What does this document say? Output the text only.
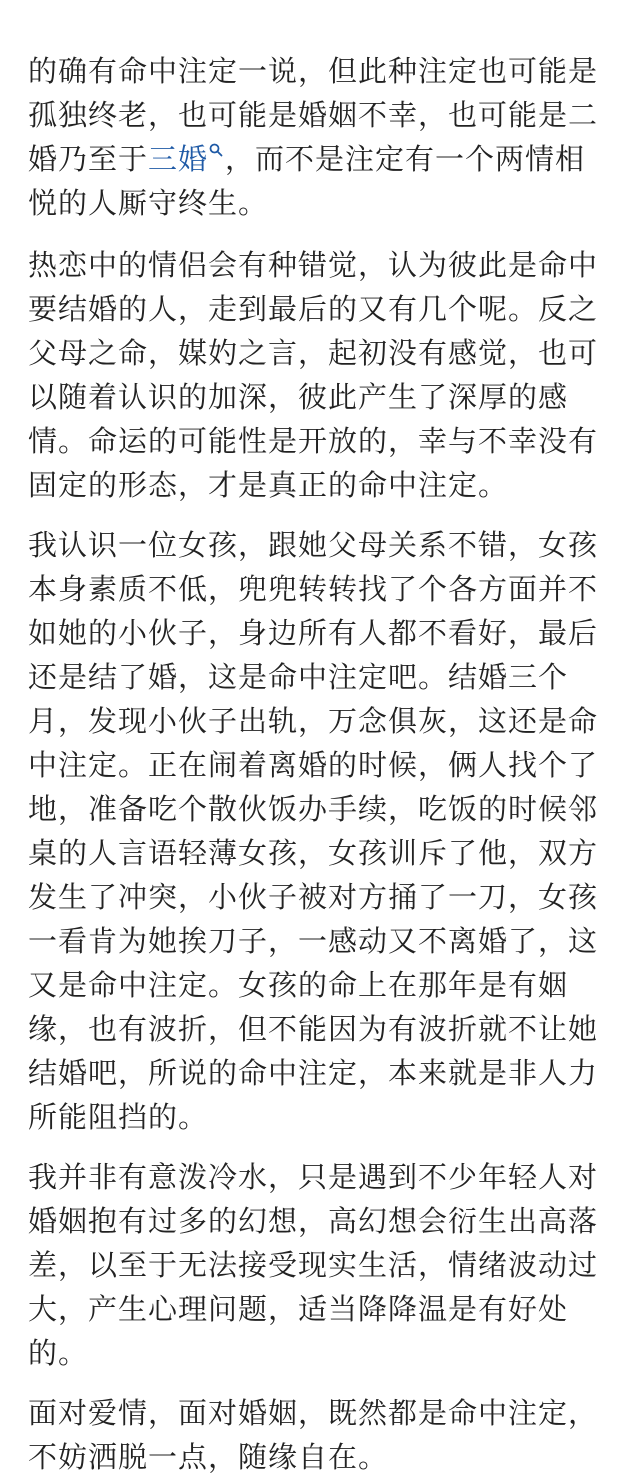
的确有命中注定一说，但此种注定也可能是
孤独终老，也可能是婚姻不幸，也可能是二
婚乃至于三婚 ，而不是注定有一个两情相
悦的人厮守终生。
热恋中的情侣会有种错觉，认为彼此是命中
要结婚的人，走到最后的又有几个呢。反之
父母之命，媒妁之言，起初没有感觉，也可
以随着认识的加深，彼此产生了深厚的感
情。命运的可能性是开放的，幸与不幸没有
固定的形态，才是真正的命中注定。
我认识一位女孩，跟她父母关系不错，女孩
本身素质不低，兜兜转转找了个各方面并不
如她的小伙子，身边所有人都不看好，最后
还是结了婚，这是命中注定吧。结婚三个
月，发现小伙子出轨，万念俱灰，这还是命
中注定。正在闹着离婚的时候，俩人找个了
地，准备吃个散伙饭办手续，吃饭的时候邻
桌的人言语轻薄女孩，女孩训斥了他，双方
发生了冲突，小伙子被对方捅了一刀，女孩
一看肯为她挨刀子，一感动又不离婚了，这
又是命中注定。女孩的命上在那年是有姻
缘，也有波折，但不能因为有波折就不让她
结婚吧，所说的命中注定，本来就是非人力
所能阻挡的。
我并非有意泼冷水，只是遇到不少年轻人对
婚姻抱有过多的幻想，高幻想会衍生出高落
差，以至于无法接受现实生活，情绪波动过
大，产生心理问题，适当降降温是有好处
的。
面对爱情，面对婚姻，既然都是命中注定，
不妨洒脱一点，随缘自在。
